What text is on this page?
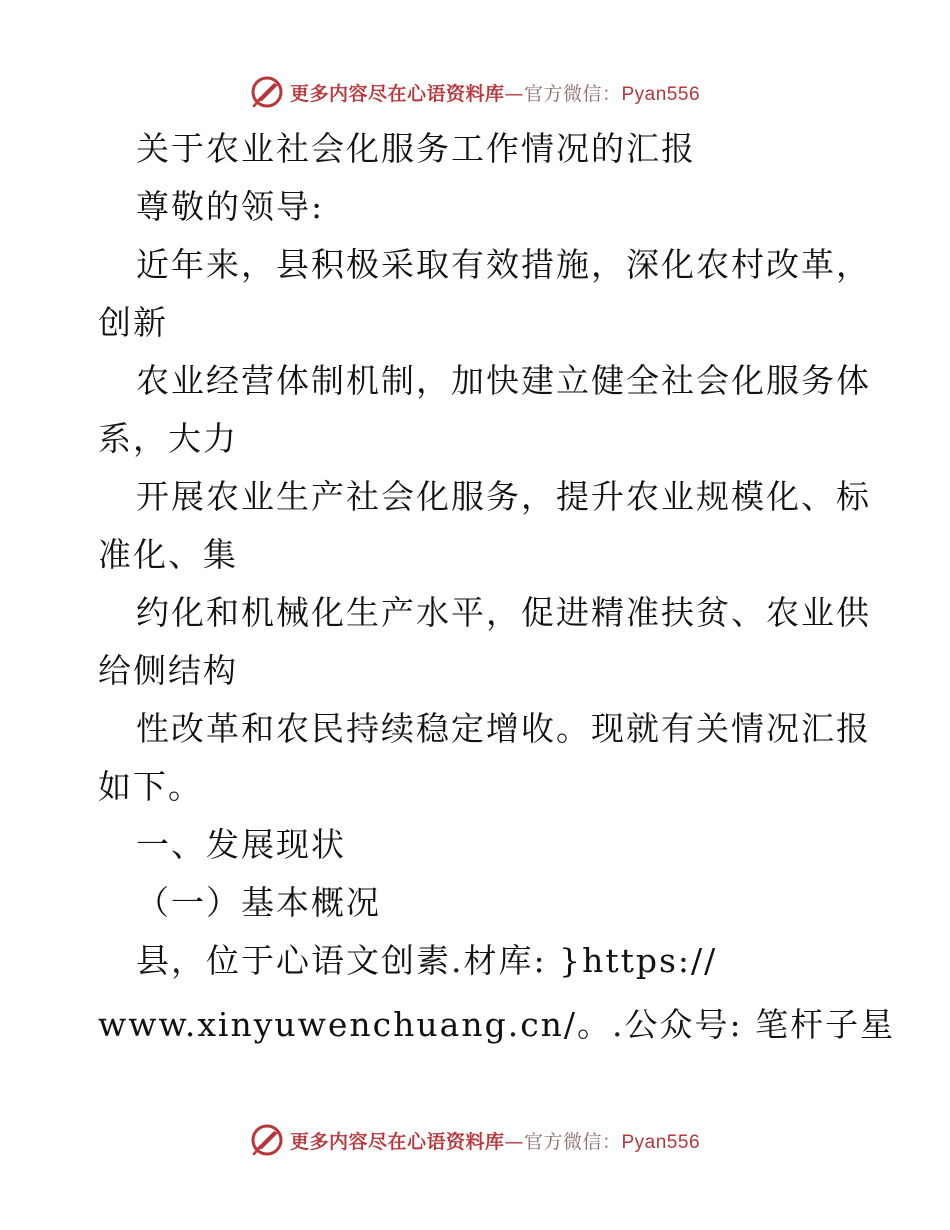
更多内容尽在心语资料库—官方微信：Pyan556

关于农业社会化服务工作情况的汇报

尊敬的领导:

近年来，县积极采取有效措施，深化农村改革，

创新

农业经营体制机制，加快建立健全社会化服务体

系，大力

开展农业生产社会化服务，提升农业规模化、标

准化、集

约化和机械化生产水平，促进精准扶贫、农业供

给侧结构

性改革和农民持续稳定增收。现就有关情况汇报

如下。

一、发展现状

（一）基本概况

县，位于心语文创素.材库: }https://

www.xinyuwenchuang.cn/。.公众号: 笔杆子星

更多内容尽在心语资料库—官方微信：Pyan556
